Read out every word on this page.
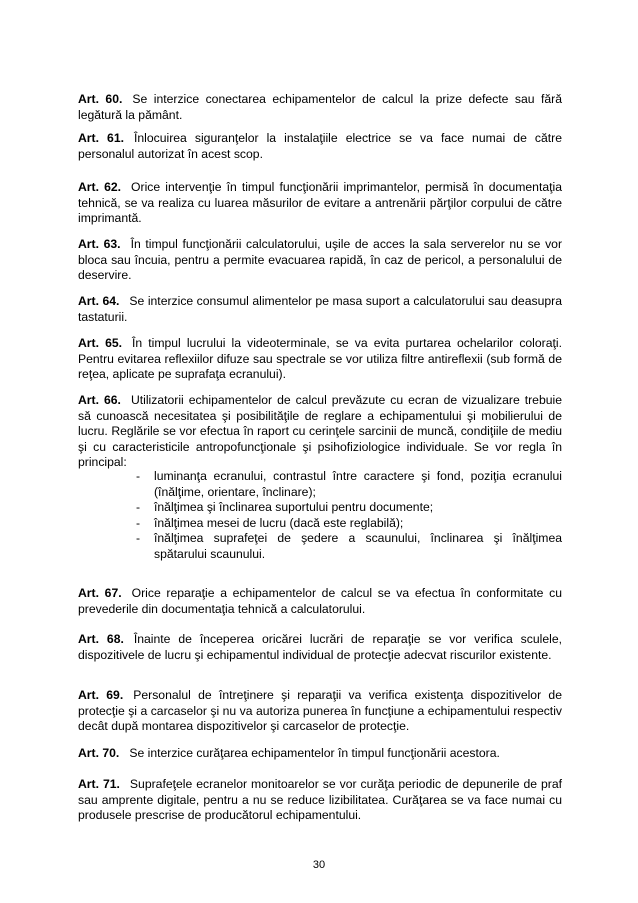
Art. 60. Se interzice conectarea echipamentelor de calcul la prize defecte sau fără legătură la pământ.

Art. 61. Înlocuirea siguranţelor la instalaţiile electrice se va face numai de către personalul autorizat în acest scop.

Art. 62. Orice intervenţie în timpul funcţionării imprimantelor, permisă în documentaţia tehnică, se va realiza cu luarea măsurilor de evitare a antrenării părţilor corpului de către imprimantă.

Art. 63. În timpul funcţionării calculatorului, uşile de acces la sala serverelor nu se vor bloca sau încuia, pentru a permite evacuarea rapidă, în caz de pericol, a personalului de deservire.

Art. 64. Se interzice consumul alimentelor pe masa suport a calculatorului sau deasupra tastaturii.

Art. 65. În timpul lucrului la videoterminale, se va evita purtarea ochelarilor coloraţi. Pentru evitarea reflexiilor difuze sau spectrale se vor utiliza filtre antireflexii (sub formă de reţea, aplicate pe suprafaţa ecranului).

Art. 66. Utilizatorii echipamentelor de calcul prevăzute cu ecran de vizualizare trebuie să cunoască necesitatea şi posibilităţile de reglare a echipamentului şi mobilierului de lucru. Reglările se vor efectua în raport cu cerinţele sarcinii de muncă, condiţiile de mediu şi cu caracteristicile antropofuncţionale şi psihofiziologice individuale. Se vor regla în principal:

- luminanţa ecranului, contrastul între caractere şi fond, poziţia ecranului (înălţime, orientare, înclinare);
- înălţimea şi înclinarea suportului pentru documente;
- înălţimea mesei de lucru (dacă este reglabilă);
- înălţimea suprafeţei de şedere a scaunului, înclinarea şi înălţimea spătarului scaunului.

Art. 67. Orice reparaţie a echipamentelor de calcul se va efectua în conformitate cu prevederile din documentaţia tehnică a calculatorului.

Art. 68. Înainte de începerea oricărei lucrări de reparaţie se vor verifica sculele, dispozitivele de lucru şi echipamentul individual de protecţie adecvat riscurilor existente.

Art. 69. Personalul de întreţinere şi reparaţii va verifica existenţa dispozitivelor de protecţie şi a carcaselor şi nu va autoriza punerea în funcţiune a echipamentului respectiv decât după montarea dispozitivelor şi carcaselor de protecţie.

Art. 70. Se interzice curăţarea echipamentelor în timpul funcţionării acestora.

Art. 71. Suprafeţele ecranelor monitoarelor se vor curăţa periodic de depunerile de praf sau amprente digitale, pentru a nu se reduce lizibilitatea. Curăţarea se va face numai cu produsele prescrise de producătorul echipamentului.

30
